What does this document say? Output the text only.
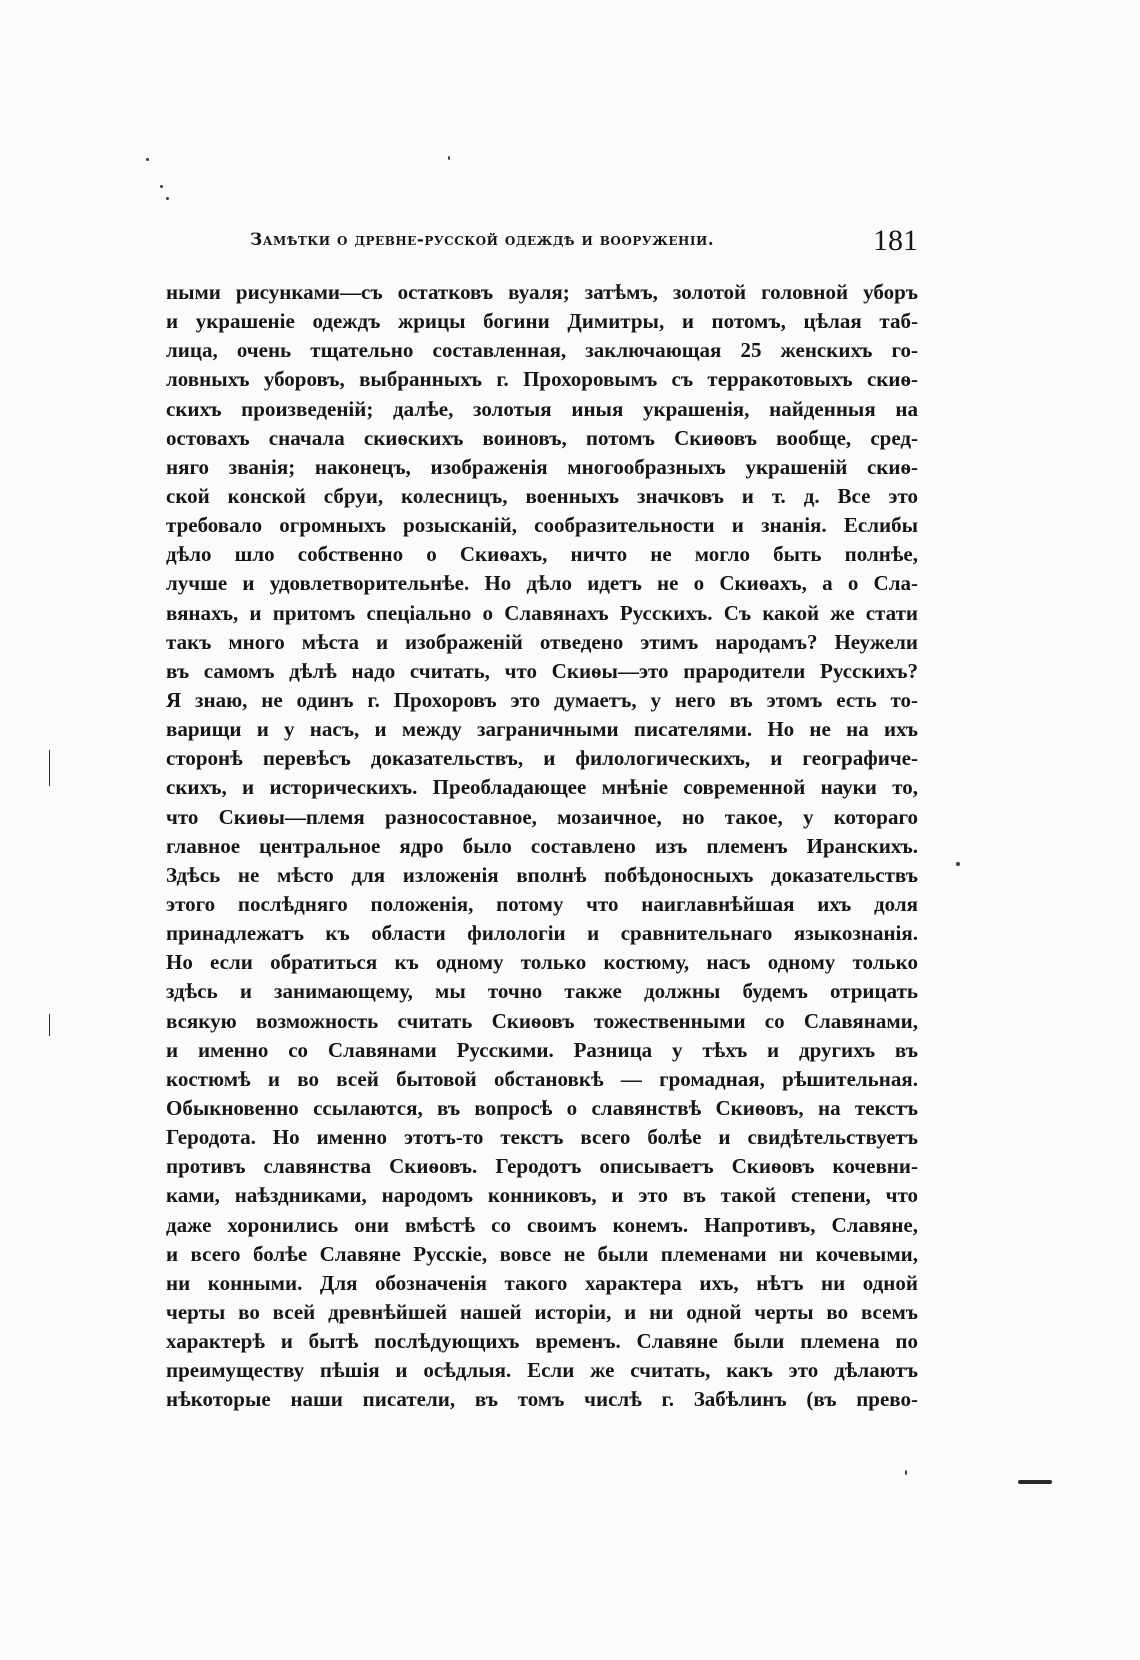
Замѣтки о древне-русской одеждѣ и вооруженіи.	181
ными рисунками—съ остатковъ вуаля; затѣмъ, золотой головной уборъ
и украшеніе одеждъ жрицы богини Димитры, и потомъ, цѣлая таб-
лица, очень тщательно составленная, заключающая 25 женскихъ го-
ловныхъ уборовъ, выбранныхъ г. Прохоровымъ съ терракотовыхъ скиѳ-
скихъ произведеній; далѣе, золотыя иныя украшенія, найденныя на
остовахъ сначала скиѳскихъ воиновъ, потомъ Скиѳовъ вообще, сред-
няго званія; наконецъ, изображенія многообразныхъ украшеній скиѳ-
ской конской сбруи, колесницъ, военныхъ значковъ и т. д. Все это
требовало огромныхъ розысканій, сообразительности и знанія. Еслибы
дѣло шло собственно о Скиѳахъ, ничто не могло быть полнѣе,
лучше и удовлетворительнѣе. Но дѣло идетъ не о Скиѳахъ, а о Сла-
вянахъ, и притомъ спеціально о Славянахъ Русскихъ. Съ какой же стати
такъ много мѣста и изображеній отведено этимъ народамъ? Неужели
въ самомъ дѣлѣ надо считать, что Скиѳы—это прародители Русскихъ?
Я знаю, не одинъ г. Прохоровъ это думаетъ, у него въ этомъ есть то-
варищи и у насъ, и между заграничными писателями. Но не на ихъ
сторонѣ перевѣсъ доказательствъ, и филологическихъ, и географиче-
скихъ, и историческихъ. Преобладающее мнѣніе современной науки то,
что Скиѳы—племя разносоставное, мозаичное, но такое, у котораго
главное центральное ядро было составлено изъ племенъ Иранскихъ.
Здѣсь не мѣсто для изложенія вполнѣ побѣдоносныхъ доказательствъ
этого послѣдняго положенія, потому что наиглавнѣйшая ихъ доля
принадлежатъ къ области филологіи и сравнительнаго языкознанія.
Но если обратиться къ одному только костюму, насъ одному только
здѣсь и занимающему, мы точно также должны будемъ отрицать
всякую возможность считать Скиѳовъ тожественными со Славянами,
и именно со Славянами Русскими. Разница у тѣхъ и другихъ въ
костюмѣ и во всей бытовой обстановкѣ — громадная, рѣшительная.
Обыкновенно ссылаются, въ вопросѣ о славянствѣ Скиѳовъ, на текстъ
Геродота. Но именно этотъ-то текстъ всего болѣе и свидѣтельствуетъ
противъ славянства Скиѳовъ. Геродотъ описываетъ Скиѳовъ кочевни-
ками, наѣздниками, народомъ конниковъ, и это въ такой степени, что
даже хоронились они вмѣстѣ со своимъ конемъ. Напротивъ, Славяне,
и всего болѣе Славяне Русскіе, вовсе не были племенами ни кочевыми,
ни конными. Для обозначенія такого характера ихъ, нѣтъ ни одной
черты во всей древнѣйшей нашей исторіи, и ни одной черты во всемъ
характерѣ и бытѣ послѣдующихъ временъ. Славяне были племена по
преимуществу пѣшія и осѣдлыя. Если же считать, какъ это дѣлаютъ
нѣкоторые наши писатели, въ томъ числѣ г. Забѣлинъ (въ прево-
